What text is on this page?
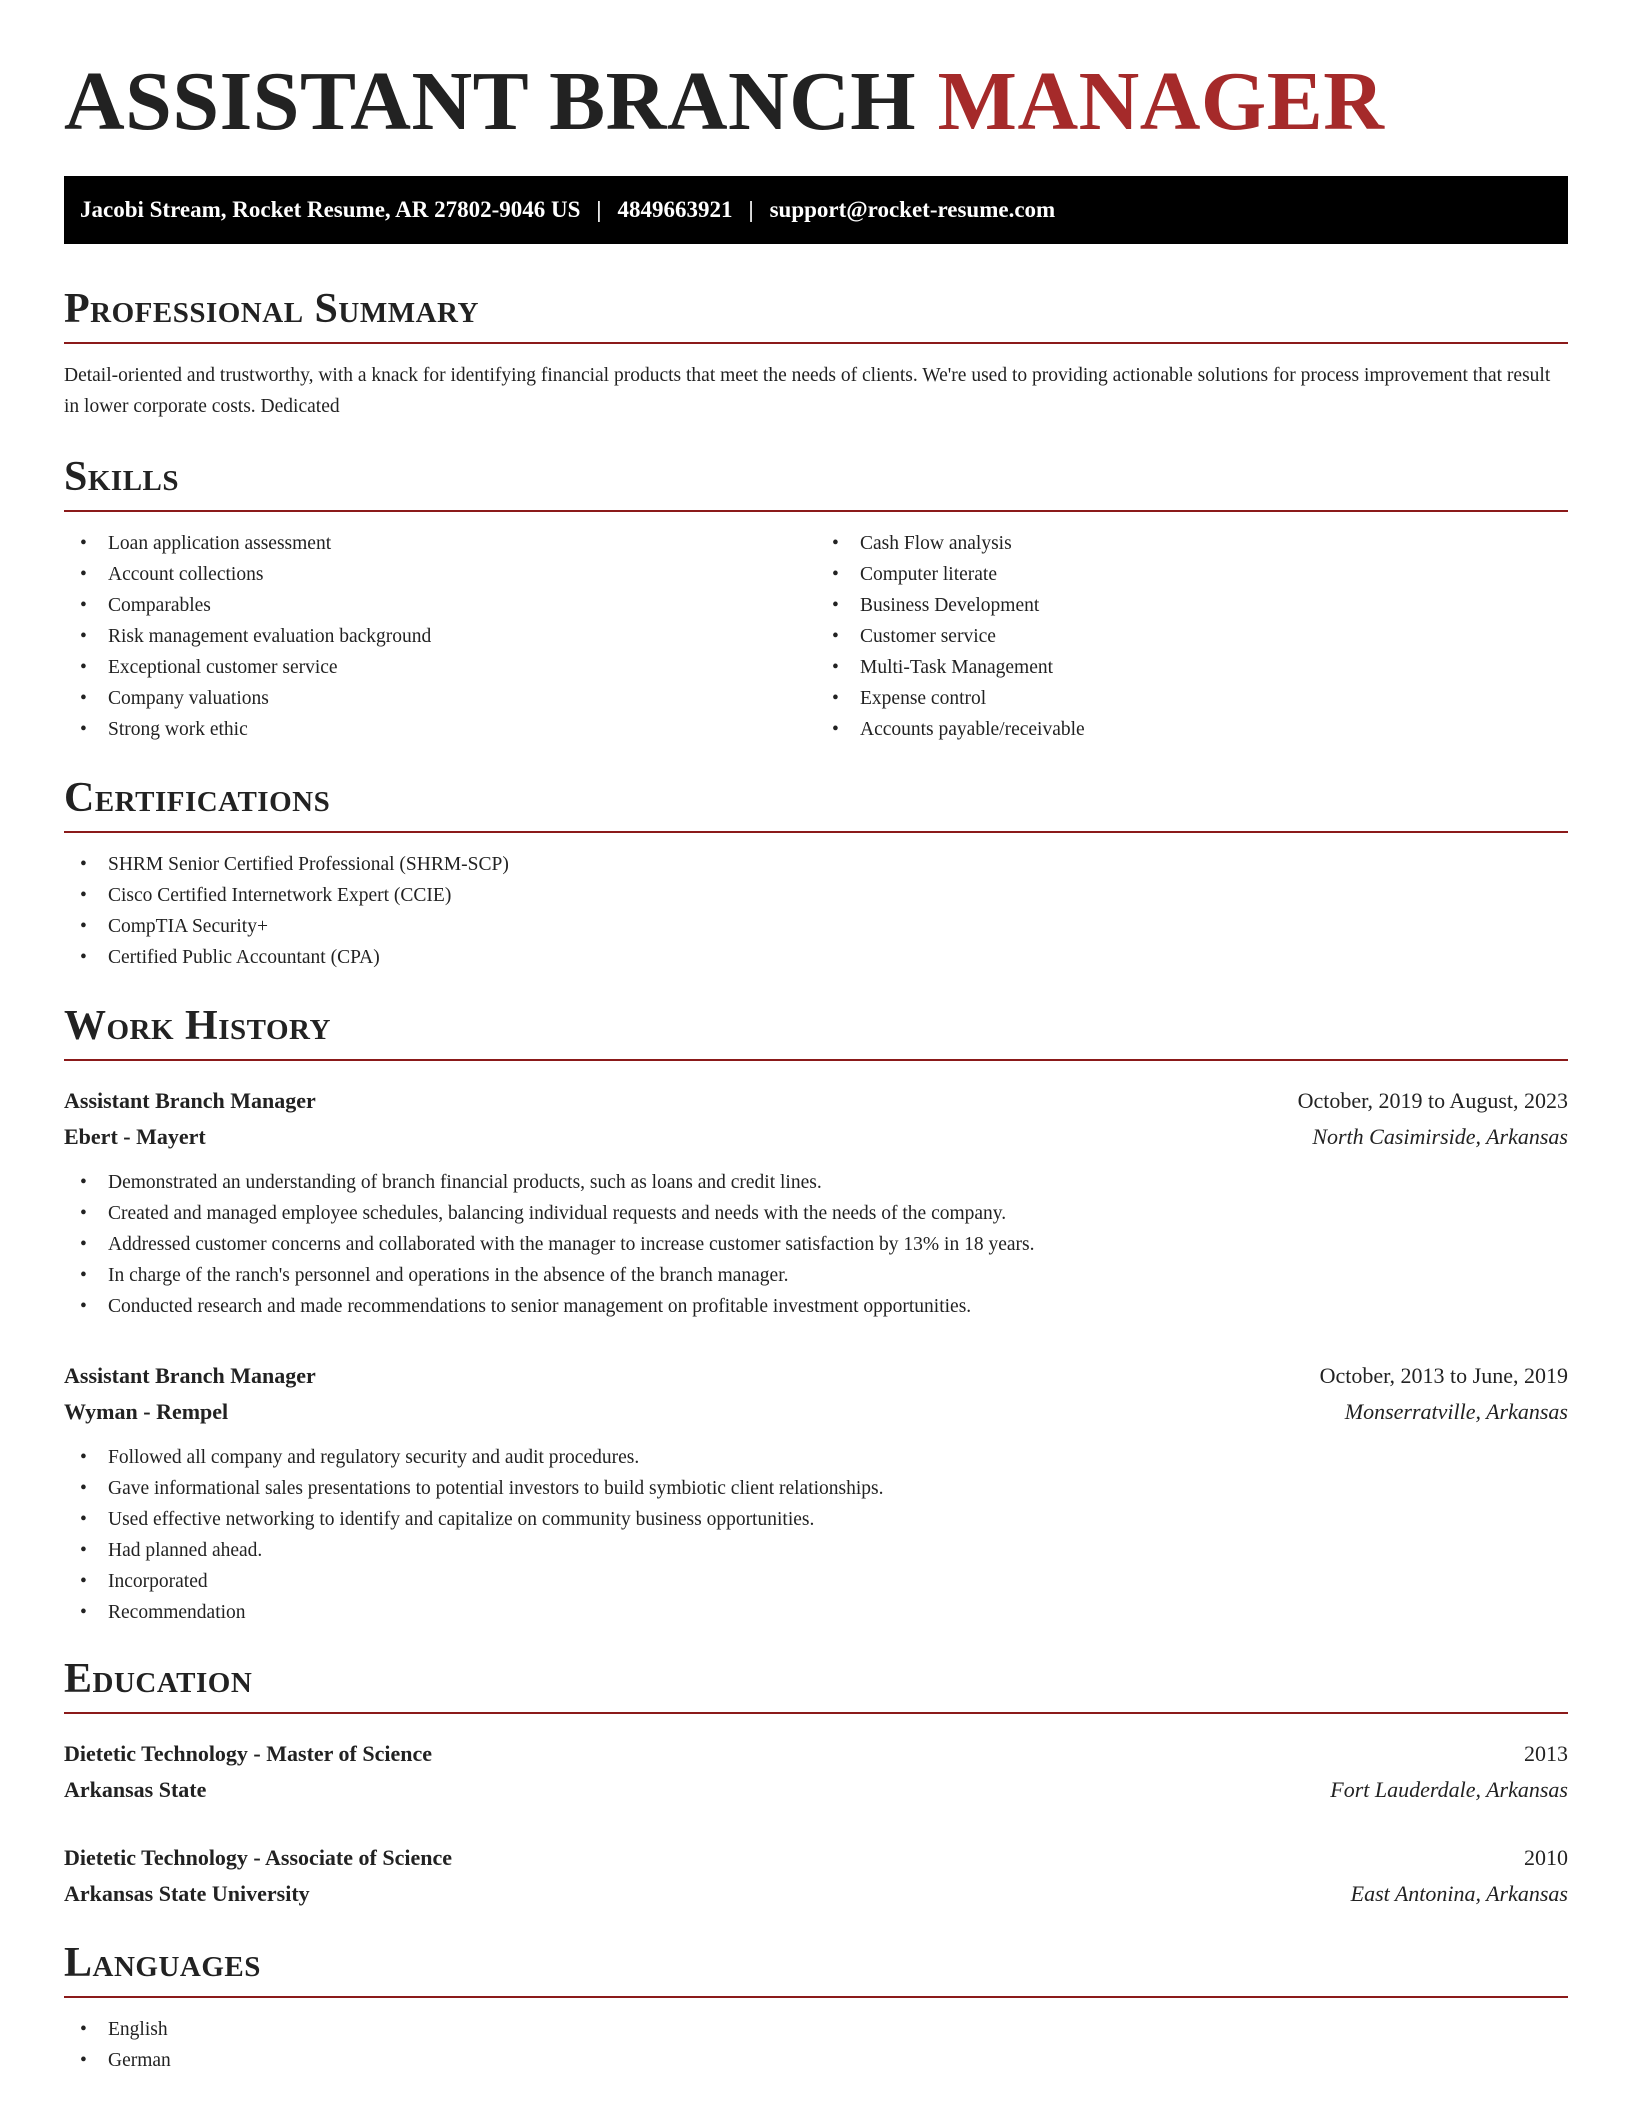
ASSISTANT BRANCH MANAGER
Jacobi Stream, Rocket Resume, AR 27802-9046 US | 4849663921 | support@rocket-resume.com
Professional Summary

Detail-oriented and trustworthy, with a knack for identifying financial products that meet the needs of clients. We're used to providing actionable solutions for process improvement that result in lower corporate costs. Dedicated

Skills
• Loan application assessment
• Account collections
• Comparables
• Risk management evaluation background
• Exceptional customer service
• Company valuations
• Strong work ethic
• Cash Flow analysis
• Computer literate
• Business Development
• Customer service
• Multi-Task Management
• Expense control
• Accounts payable/receivable
Certifications
• SHRM Senior Certified Professional (SHRM-SCP)
• Cisco Certified Internetwork Expert (CCIE)
• CompTIA Security+
• Certified Public Accountant (CPA)
Work History
Assistant Branch Manager	October, 2019 to August, 2023
Ebert - Mayert	North Casimirside, Arkansas
• Demonstrated an understanding of branch financial products, such as loans and credit lines.
• Created and managed employee schedules, balancing individual requests and needs with the needs of the company.
• Addressed customer concerns and collaborated with the manager to increase customer satisfaction by 13% in 18 years.
• In charge of the ranch's personnel and operations in the absence of the branch manager.
• Conducted research and made recommendations to senior management on profitable investment opportunities.
Assistant Branch Manager	October, 2013 to June, 2019
Wyman - Rempel	Monserratville, Arkansas
• Followed all company and regulatory security and audit procedures.
• Gave informational sales presentations to potential investors to build symbiotic client relationships.
• Used effective networking to identify and capitalize on community business opportunities.
• Had planned ahead.
• Incorporated
• Recommendation
Education
Dietetic Technology - Master of Science	2013
Arkansas State	Fort Lauderdale, Arkansas
Dietetic Technology - Associate of Science	2010
Arkansas State University	East Antonina, Arkansas
Languages
• English
• German
